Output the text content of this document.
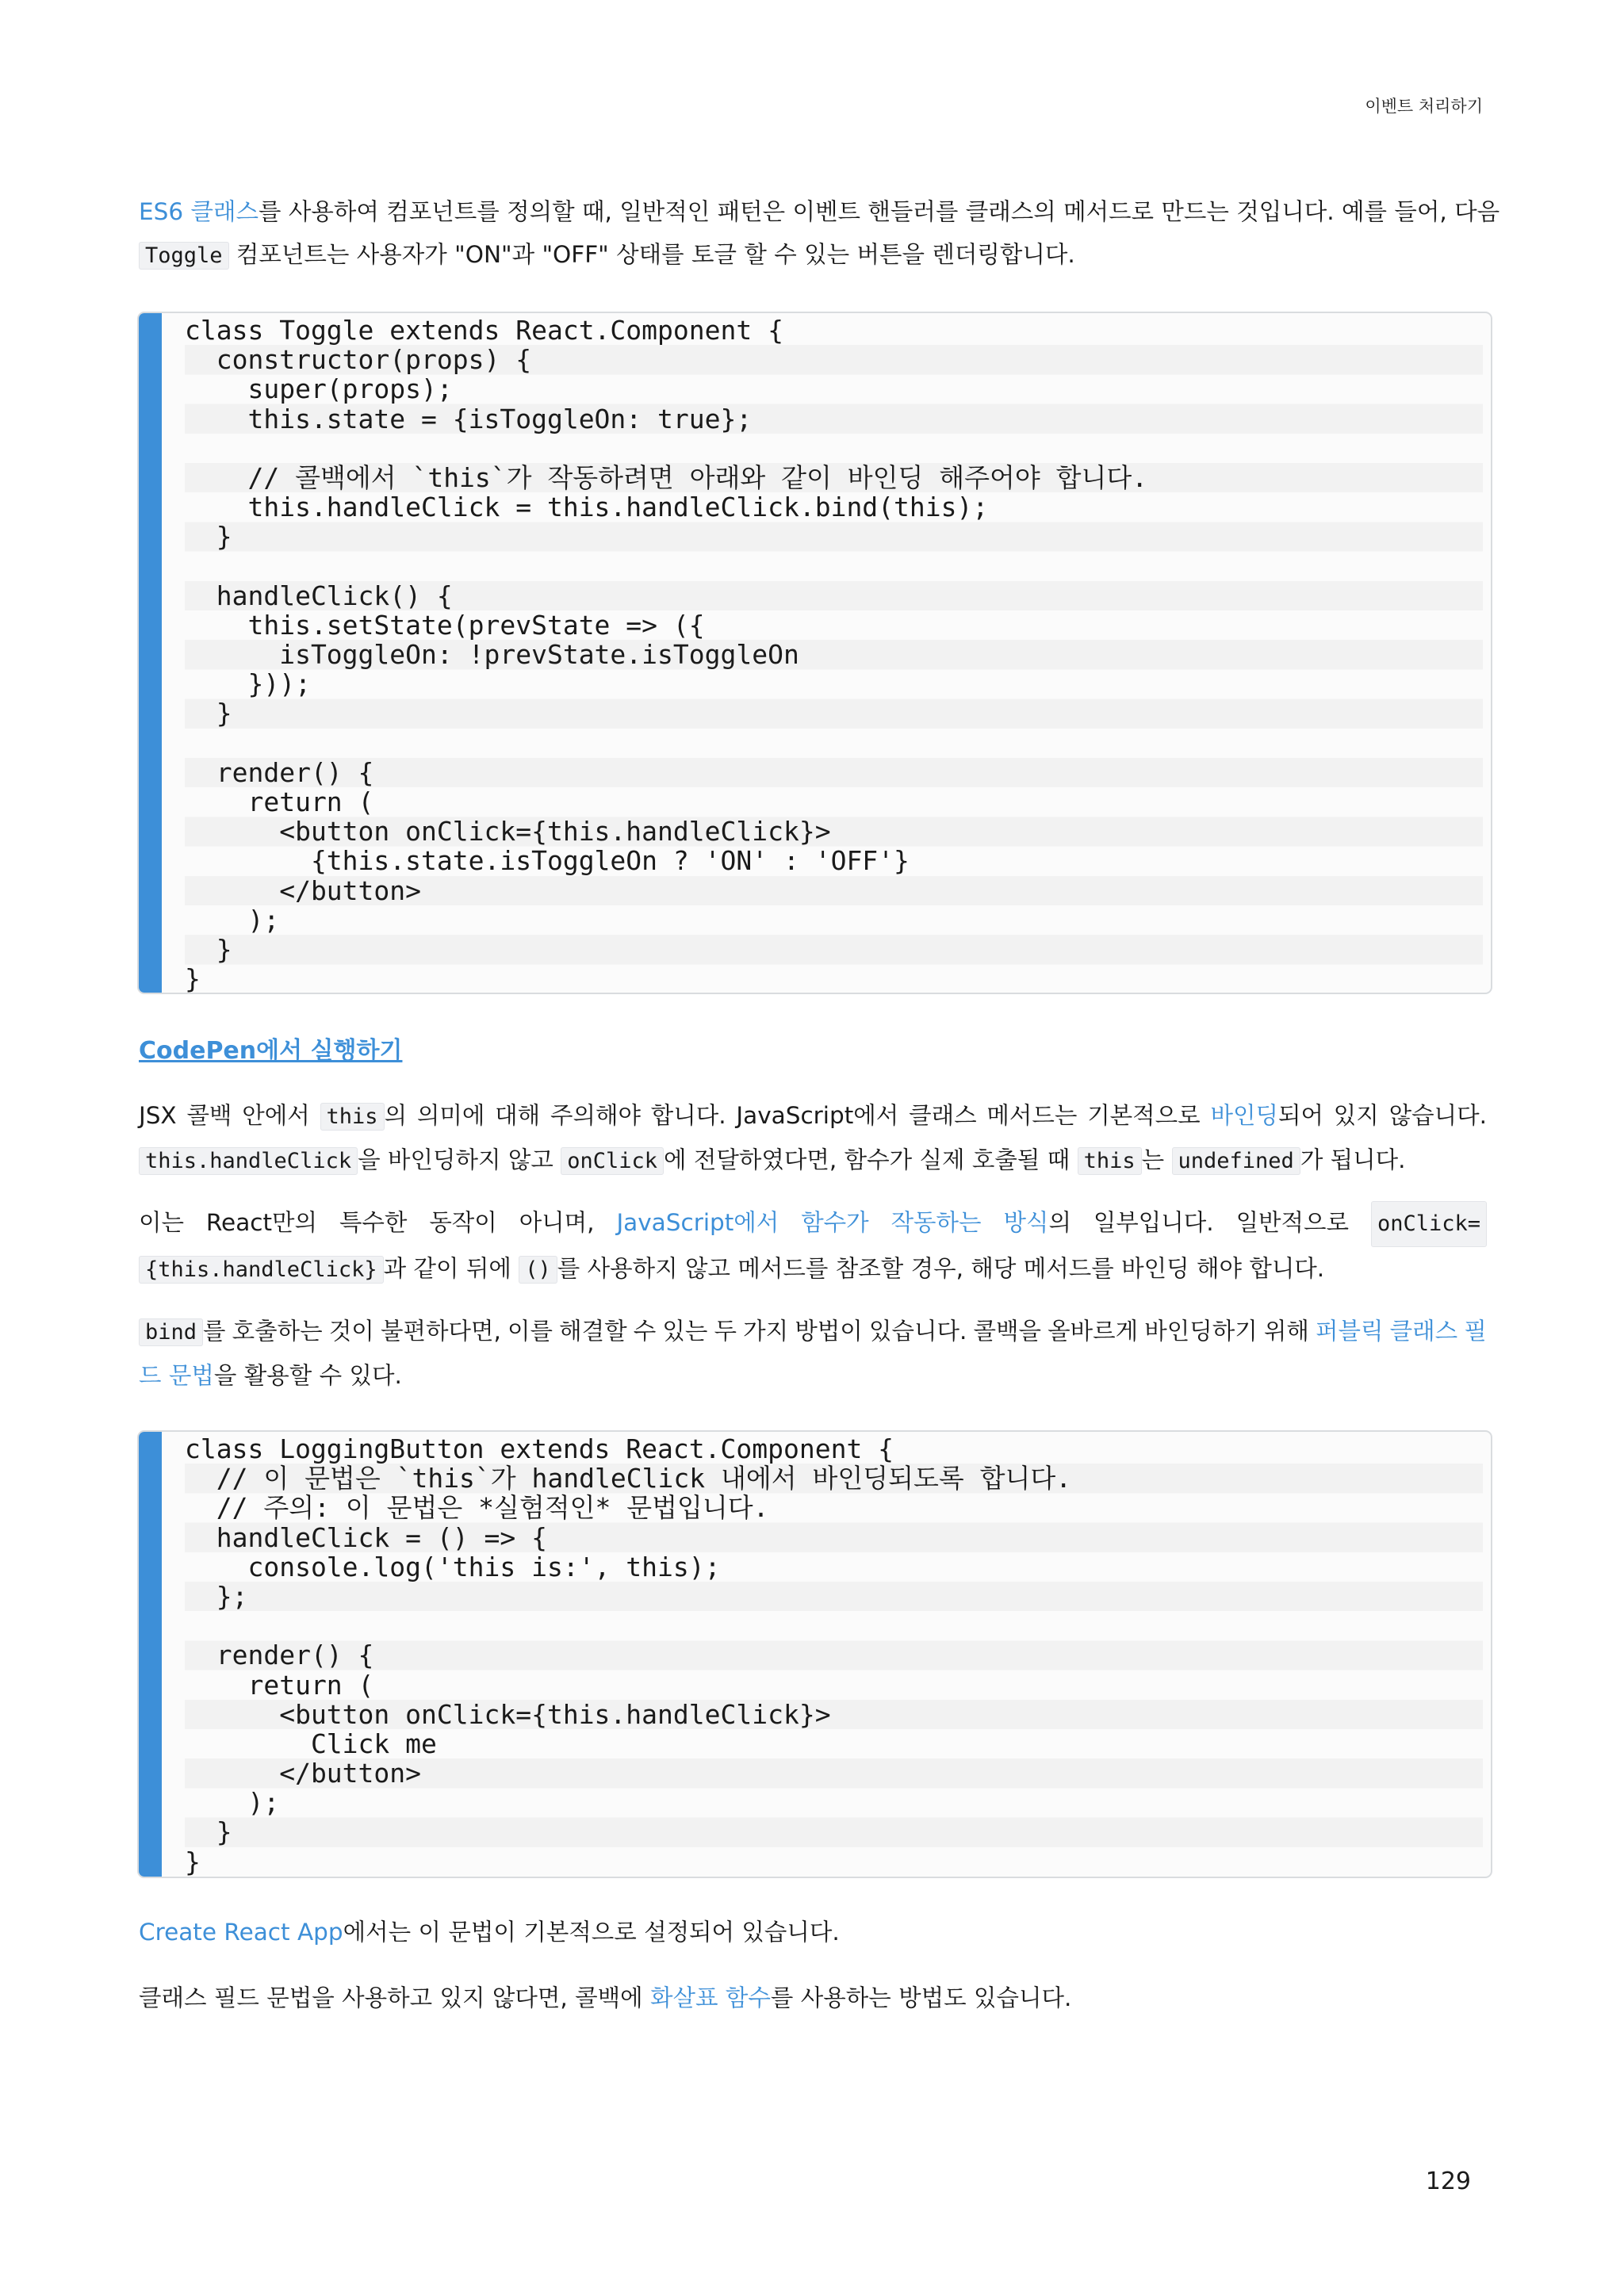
이벤트 처리하기

ES6 클래스를 사용하여 컴포넌트를 정의할 때, 일반적인 패턴은 이벤트 핸들러를 클래스의 메서드로 만드는 것입니다. 예를 들어, 다음

Toggle 컴포넌트는 사용자가 "ON"과 "OFF" 상태를 토글 할 수 있는 버튼을 렌더링합니다.

class Toggle extends React.Component {
constructor(props) {
super(props);
this.state = {isToggleOn: true};
// 콜백에서 `this`가 작동하려면 아래와 같이 바인딩 해주어야 합니다.
this.handleClick = this.handleClick.bind(this);
}
handleClick() {
this.setState(prevState => ({
isToggleOn: !prevState.isToggleOn
}));
}
render() {
return (
<button onClick={this.handleClick}>
{this.state.isToggleOn ? 'ON' : 'OFF'}
</button>
);
}
}
CodePen에서 실행하기

JSX 콜백 안에서 this 의 의미에 대해 주의해야 합니다. JavaScript에서 클래스 메서드는 기본적으로 바인딩되어 있지 않습니다.

this.handleClick 을 바인딩하지 않고 onClick 에 전달하였다면, 함수가 실제 호출될 때 this 는 undefined 가 됩니다.

이는 React만의 특수한 동작이 아니며, JavaScript에서 함수가 작동하는 방식의 일부입니다. 일반적으로 onClick=

{this.handleClick} 과 같이 뒤에 () 를 사용하지 않고 메서드를 참조할 경우, 해당 메서드를 바인딩 해야 합니다.

bind 를 호출하는 것이 불편하다면, 이를 해결할 수 있는 두 가지 방법이 있습니다. 콜백을 올바르게 바인딩하기 위해 퍼블릭 클래스 필

드 문법을 활용할 수 있다.

class LoggingButton extends React.Component {
// 이 문법은 `this`가 handleClick 내에서 바인딩되도록 합니다.
// 주의: 이 문법은 *실험적인* 문법입니다.
handleClick = () => {
console.log('this is:', this);
};
render() {
return (
<button onClick={this.handleClick}>
Click me
</button>
);
}
}

Create React App에서는 이 문법이 기본적으로 설정되어 있습니다.

클래스 필드 문법을 사용하고 있지 않다면, 콜백에 화살표 함수를 사용하는 방법도 있습니다.

129
